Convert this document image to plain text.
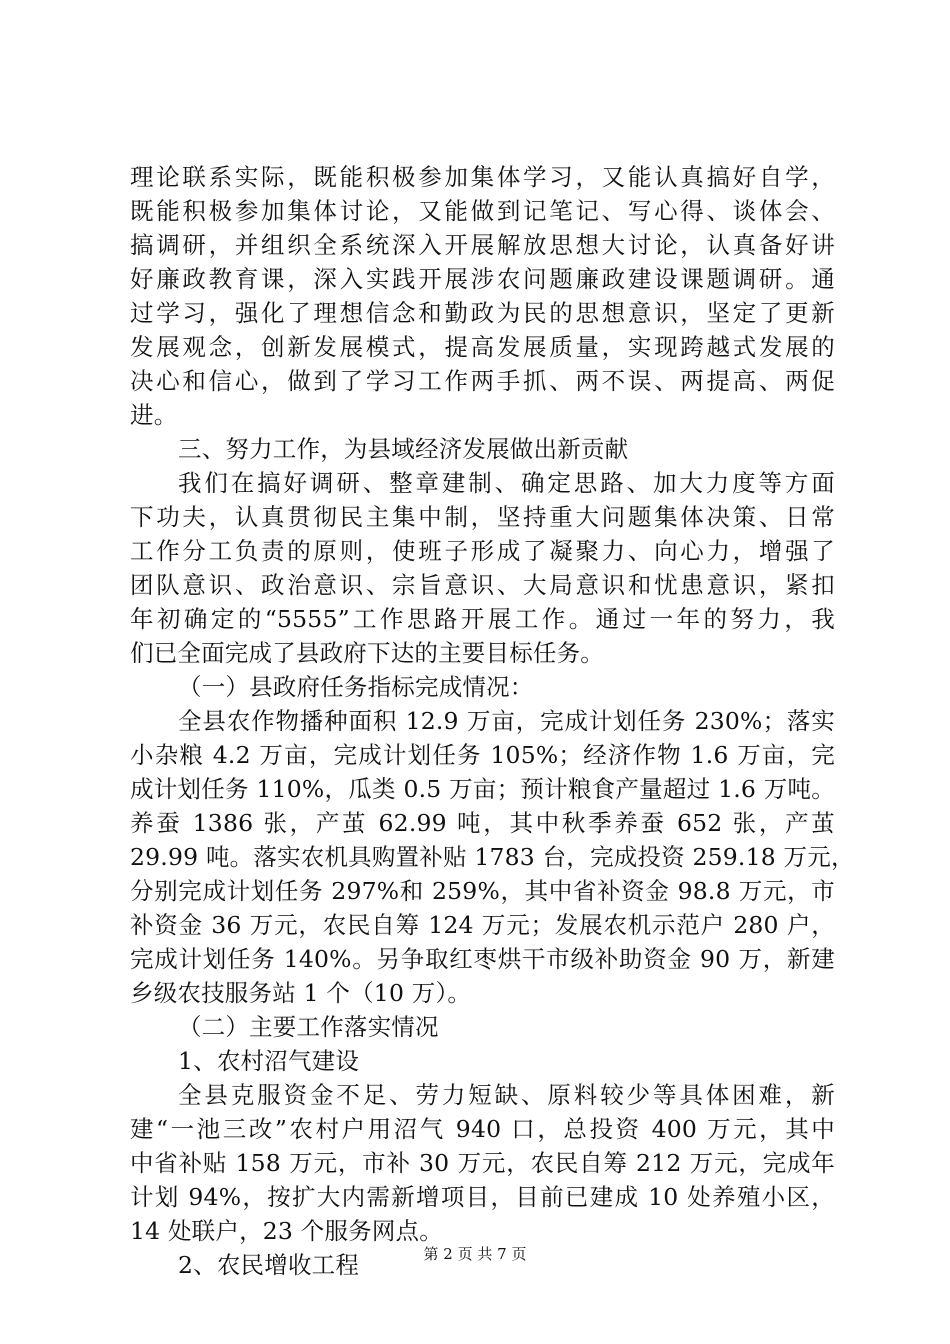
理论联系实际，既能积极参加集体学习，又能认真搞好自学，
既能积极参加集体讨论，又能做到记笔记、写心得、谈体会、
搞调研，并组织全系统深入开展解放思想大讨论，认真备好讲
好廉政教育课，深入实践开展涉农问题廉政建设课题调研。通
过学习，强化了理想信念和勤政为民的思想意识，坚定了更新
发展观念，创新发展模式，提高发展质量，实现跨越式发展的
决心和信心，做到了学习工作两手抓、两不误、两提高、两促
进。
三、努力工作，为县域经济发展做出新贡献
我们在搞好调研、整章建制、确定思路、加大力度等方面
下功夫，认真贯彻民主集中制，坚持重大问题集体决策、日常
工作分工负责的原则，使班子形成了凝聚力、向心力，增强了
团队意识、政治意识、宗旨意识、大局意识和忧患意识，紧扣
年初确定的“5555”工作思路开展工作。通过一年的努力，我
们已全面完成了县政府下达的主要目标任务。
（一）县政府任务指标完成情况：
全县农作物播种面积 12.9 万亩，完成计划任务 230%；落实
小杂粮 4.2 万亩，完成计划任务 105%；经济作物 1.6 万亩，完
成计划任务 110%，瓜类 0.5 万亩；预计粮食产量超过 1.6 万吨。
养蚕 1386 张，产茧 62.99 吨，其中秋季养蚕 652 张，产茧
29.99 吨。落实农机具购置补贴 1783 台，完成投资 259.18 万元，
分别完成计划任务 297%和 259%，其中省补资金 98.8 万元，市
补资金 36 万元，农民自筹 124 万元；发展农机示范户 280 户，
完成计划任务 140%。另争取红枣烘干市级补助资金 90 万，新建
乡级农技服务站 1 个（10 万）。
（二）主要工作落实情况
1、农村沼气建设
全县克服资金不足、劳力短缺、原料较少等具体困难，新
建“一池三改”农村户用沼气 940 口，总投资 400 万元，其中
中省补贴 158 万元，市补 30 万元，农民自筹 212 万元，完成年
计划 94%，按扩大内需新增项目，目前已建成 10 处养殖小区，
14 处联户，23 个服务网点。
2、农民增收工程	第 2 页 共 7 页
